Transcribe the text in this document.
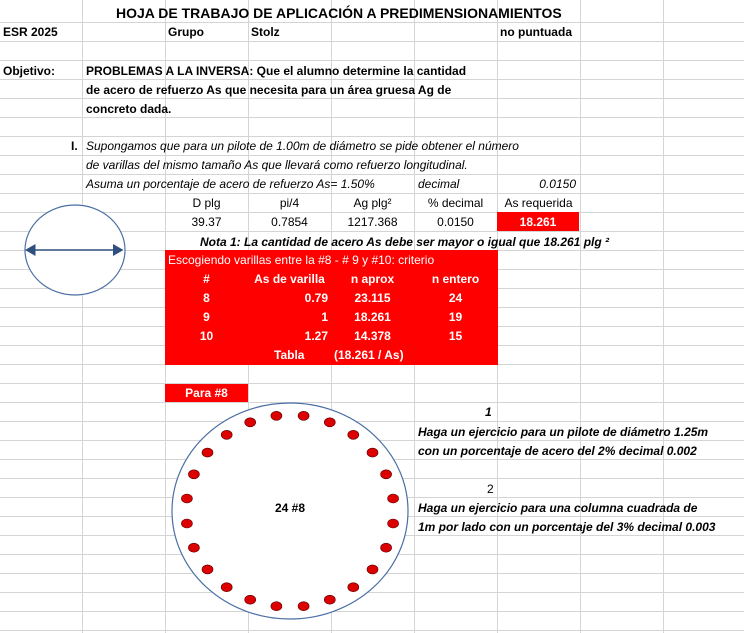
HOJA DE TRABAJO DE APLICACIÓN A PREDIMENSIONAMIENTOS
ESR 2025	Grupo	Stolz	no puntuada
Objetivo:	PROBLEMAS A LA INVERSA: Que el alumno determine la cantidad
de acero de refuerzo As que necesita para un área gruesa Ag de
concreto dada.
I. Supongamos que para un pilote de 1.00m de diámetro se pide obtener el número
de varillas del mismo tamaño As que llevará como refuerzo longitudinal.
Asuma un porcentaje de acero de refuerzo As= 1.50%	decimal	0.0150
D plg	pi/4	Ag plg²	% decimal	As requerida
39.37	0.7854	1217.368	0.0150	18.261
Nota 1: La cantidad de acero As debe ser mayor o igual que 18.261 plg ²
Escogiendo varillas entre la #8 - # 9 y #10: criterio
#	As de varilla	n aprox	n entero
8	0.79	23.115	24
9	1	18.261	19
10	1.27	14.378	15
Tabla (18.261 / As)
Para #8
24 #8
1
Haga un ejercicio para un pilote de diámetro 1.25m
con un porcentaje de acero del 2% decimal 0.002
2
Haga un ejercicio para una columna cuadrada de
1m por lado con un porcentaje del 3% decimal 0.003
